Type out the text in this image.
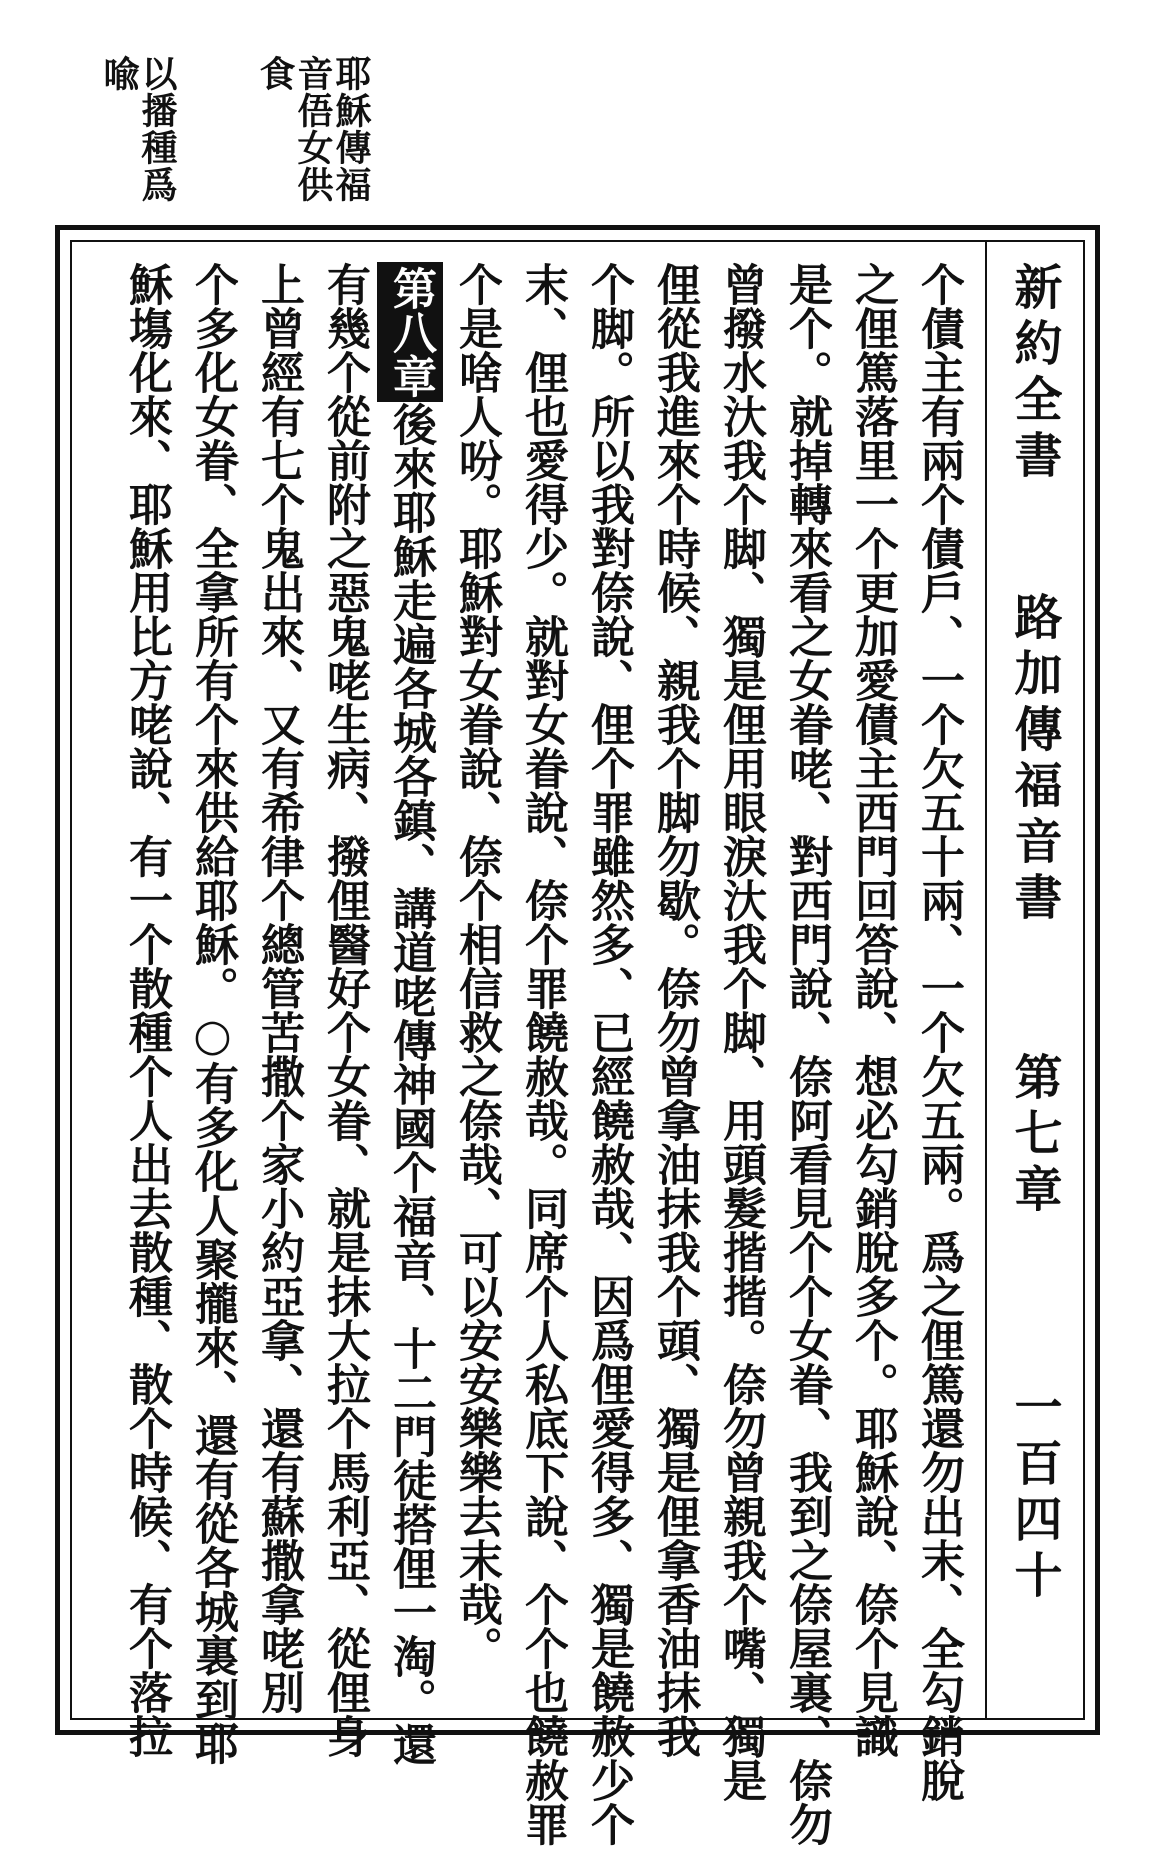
耶穌傳福
音俉女供
食
以播種爲
喩
新約全書
路加傳福音書
第七章
一百四十
个債主有兩个債戶、一个欠五十兩、一个欠五兩。爲之俚篤還勿出末、全勾銷脫
之俚篤落里一个更加愛債主西門回答說、想必勾銷脫多个。耶穌說、倷个見識
是个。就掉轉來看之女眷咾、對西門說、倷阿看見个个女眷、我到之倷屋裏、倷勿
曾撥水汏我个脚、獨是俚用眼淚汏我个脚、用頭髮揩揩。倷勿曾親我个嘴、獨是
俚從我進來个時候、親我个脚勿歇。倷勿曾拿油抹我个頭、獨是俚拿香油抹我
个脚。所以我對倷說、俚个罪雖然多、已經饒赦哉、因爲俚愛得多、獨是饒赦少个
末、俚也愛得少。就對女眷說、倷个罪饒赦哉。同席个人私底下說、个个也饒赦罪
个是啥人吩。耶穌對女眷說、倷个相信救之倷哉、可以安安樂樂去末哉。
第八章後來耶穌走遍各城各鎮、講道咾傳神國个福音、十二門徒搭俚一淘。還
有幾个從前附之惡鬼咾生病、撥俚醫好个女眷、就是抹大拉个馬利亞、從俚身
上曾經有七个鬼出來、又有希律个總管苦撒个家小約亞拿、還有蘇撒拿咾別
个多化女眷、全拿所有个來供給耶穌。○有多化人聚攏來、還有從各城裏到耶
穌塲化來、耶穌用比方咾說、有一个散種个人出去散種、散个時候、有个落拉
